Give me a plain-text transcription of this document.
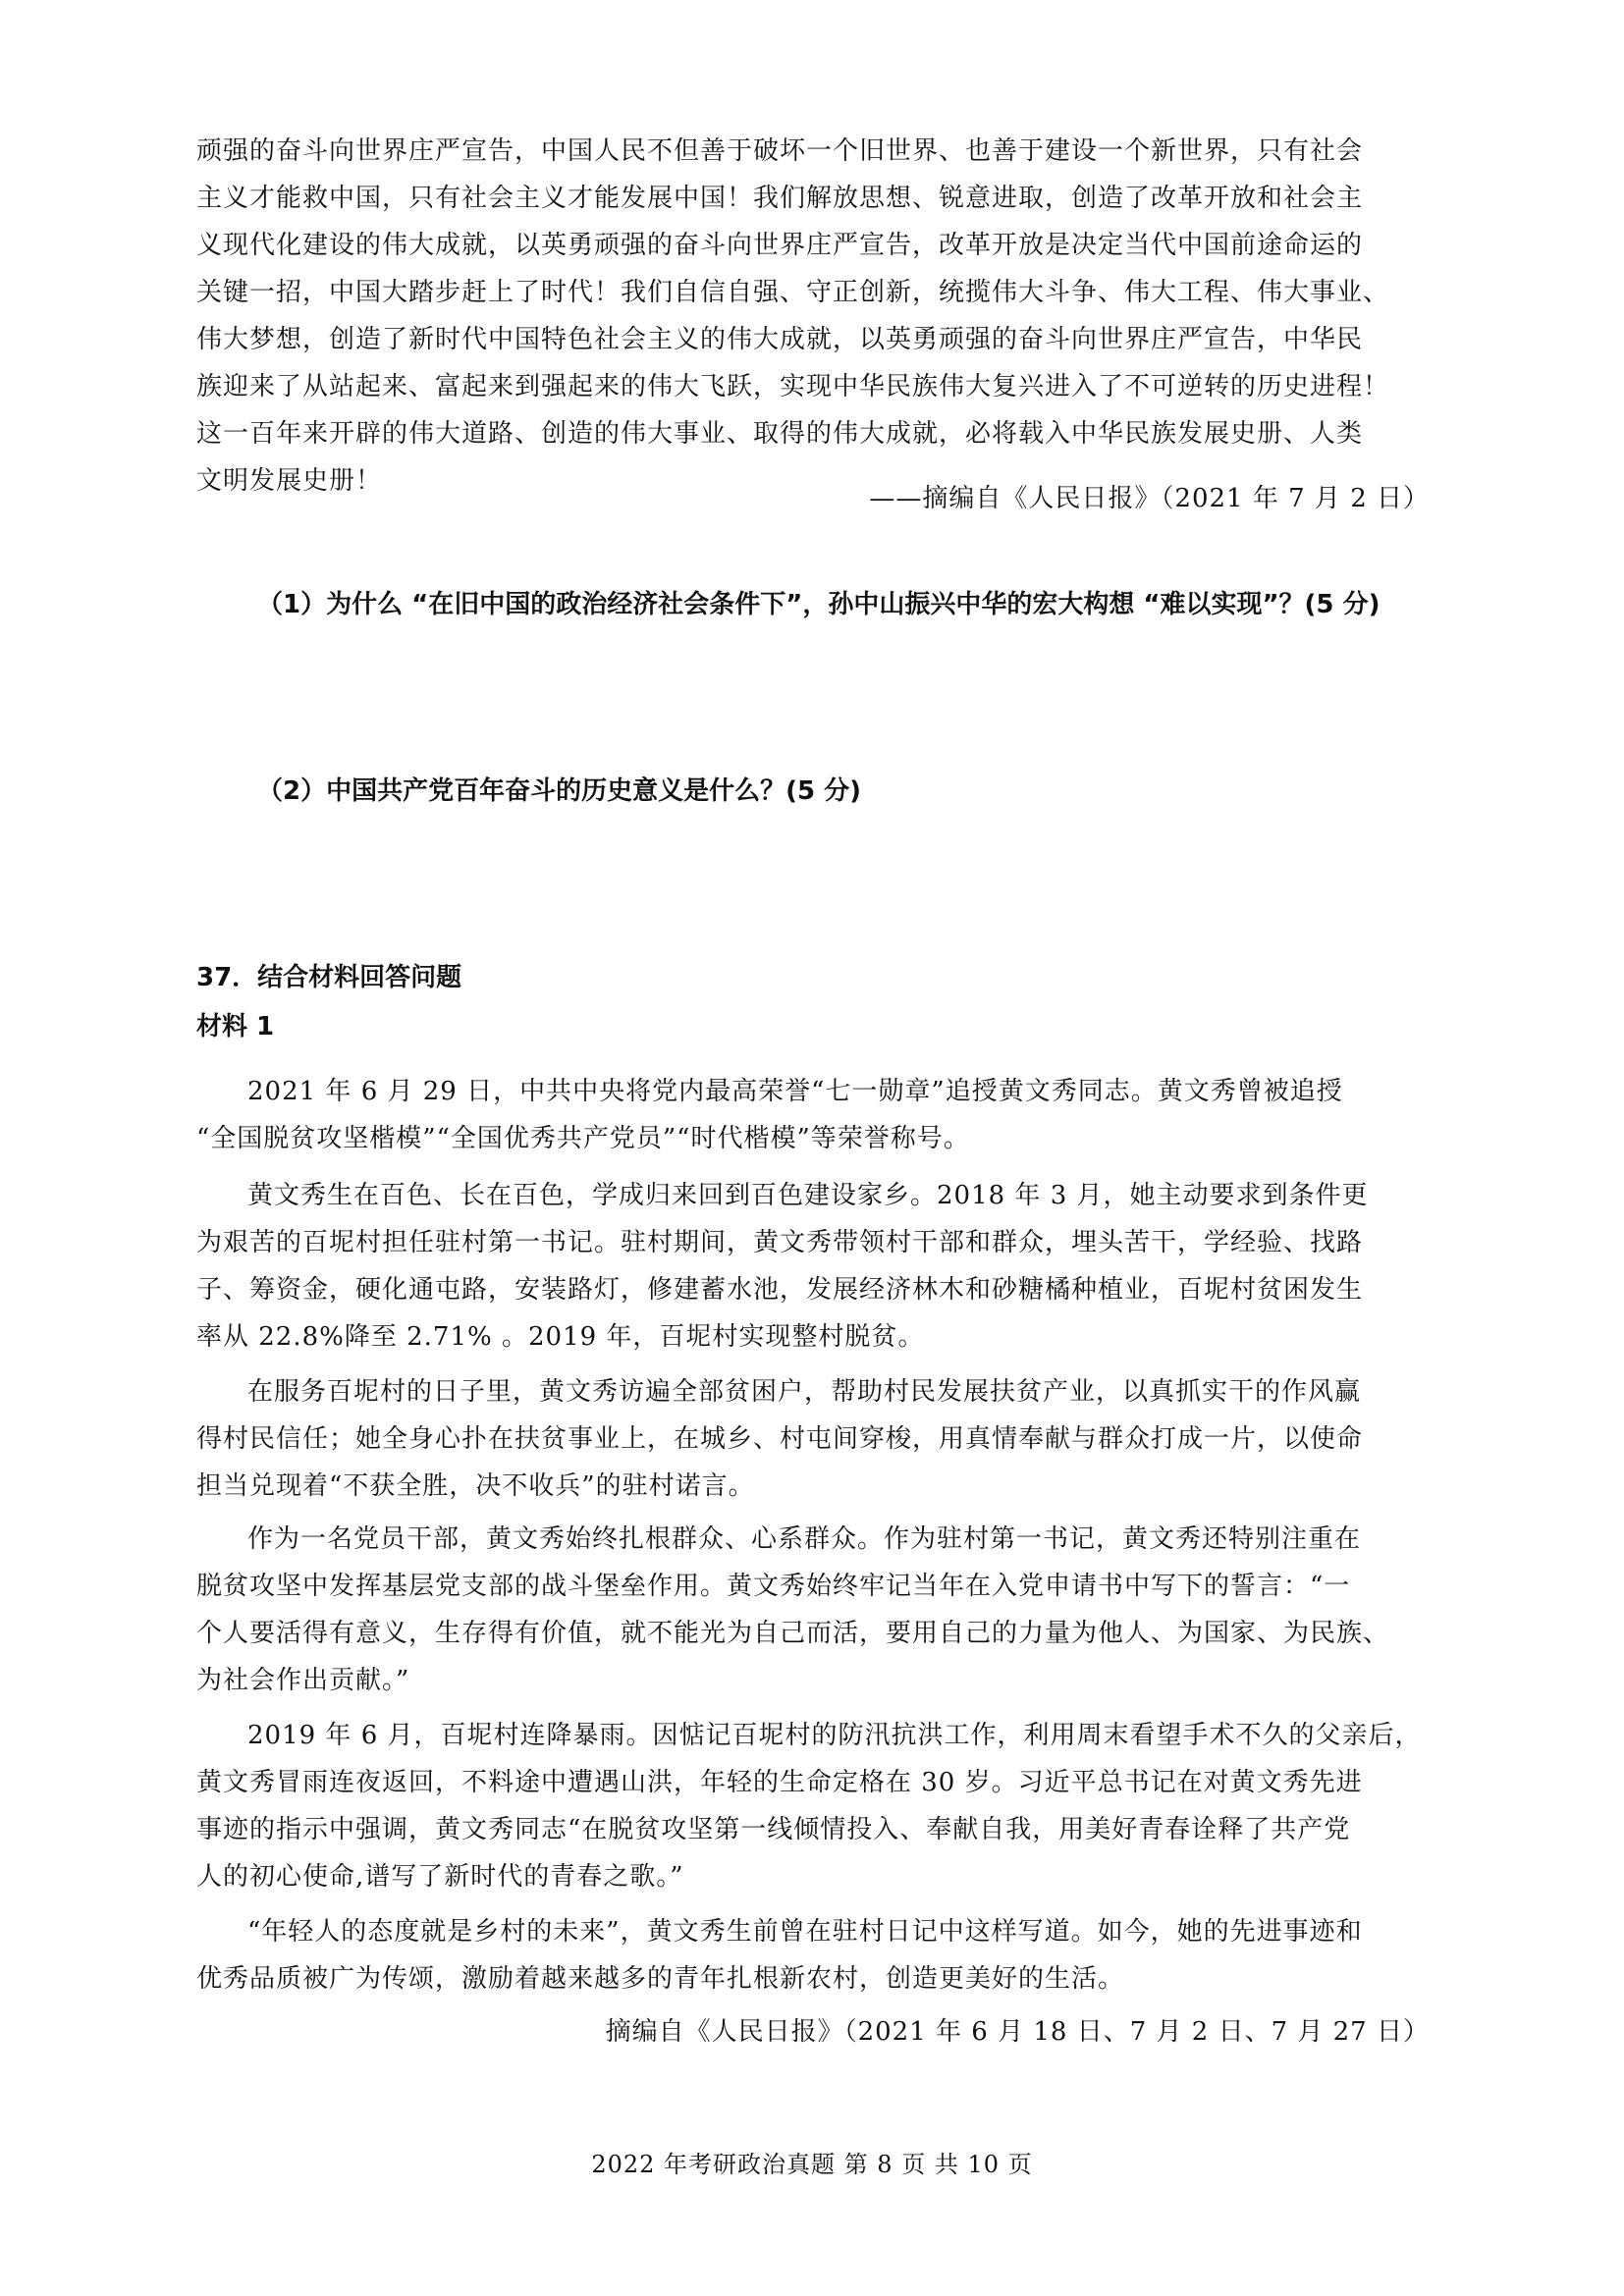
顽强的奋斗向世界庄严宣告，中国人民不但善于破坏一个旧世界、也善于建设一个新世界，只有社会
主义才能救中国，只有社会主义才能发展中国！我们解放思想、锐意进取，创造了改革开放和社会主
义现代化建设的伟大成就，以英勇顽强的奋斗向世界庄严宣告，改革开放是决定当代中国前途命运的
关键一招，中国大踏步赶上了时代！我们自信自强、守正创新，统揽伟大斗争、伟大工程、伟大事业、
伟大梦想，创造了新时代中国特色社会主义的伟大成就，以英勇顽强的奋斗向世界庄严宣告，中华民
族迎来了从站起来、富起来到强起来的伟大飞跃，实现中华民族伟大复兴进入了不可逆转的历史进程！
这一百年来开辟的伟大道路、创造的伟大事业、取得的伟大成就，必将载入中华民族发展史册、人类
文明发展史册！
——摘编自《人民日报》（2021 年 7 月 2 日）
（1）为什么 “在旧中国的政治经济社会条件下”，孙中山振兴中华的宏大构想 “难以实现”？(5 分)
（2）中国共产党百年奋斗的历史意义是什么？(5 分)
37．结合材料回答问题
材料 1
2021 年 6 月 29 日，中共中央将党内最高荣誉“七一勋章”追授黄文秀同志。黄文秀曾被追授
“全国脱贫攻坚楷模”“全国优秀共产党员”“时代楷模”等荣誉称号。
黄文秀生在百色、长在百色，学成归来回到百色建设家乡。2018 年 3 月，她主动要求到条件更
为艰苦的百坭村担任驻村第一书记。驻村期间，黄文秀带领村干部和群众，埋头苦干，学经验、找路
子、筹资金，硬化通屯路，安装路灯，修建蓄水池，发展经济林木和砂糖橘种植业，百坭村贫困发生
率从 22.8%降至 2.71% 。2019 年，百坭村实现整村脱贫。
在服务百坭村的日子里，黄文秀访遍全部贫困户，帮助村民发展扶贫产业，以真抓实干的作风赢
得村民信任；她全身心扑在扶贫事业上，在城乡、村屯间穿梭，用真情奉献与群众打成一片，以使命
担当兑现着“不获全胜，决不收兵”的驻村诺言。
作为一名党员干部，黄文秀始终扎根群众、心系群众。作为驻村第一书记，黄文秀还特别注重在
脱贫攻坚中发挥基层党支部的战斗堡垒作用。黄文秀始终牢记当年在入党申请书中写下的誓言：“一
个人要活得有意义，生存得有价值，就不能光为自己而活，要用自己的力量为他人、为国家、为民族、
为社会作出贡献。”
2019 年 6 月，百坭村连降暴雨。因惦记百坭村的防汛抗洪工作，利用周末看望手术不久的父亲后，
黄文秀冒雨连夜返回，不料途中遭遇山洪，年轻的生命定格在 30 岁。习近平总书记在对黄文秀先进
事迹的指示中强调，黄文秀同志“在脱贫攻坚第一线倾情投入、奉献自我，用美好青春诠释了共产党
人的初心使命,谱写了新时代的青春之歌。”
“年轻人的态度就是乡村的未来”，黄文秀生前曾在驻村日记中这样写道。如今，她的先进事迹和
优秀品质被广为传颂，激励着越来越多的青年扎根新农村，创造更美好的生活。
摘编自《人民日报》（2021 年 6 月 18 日、7 月 2 日、7 月 27 日）
2022 年考研政治真题 第 8 页 共 10 页
